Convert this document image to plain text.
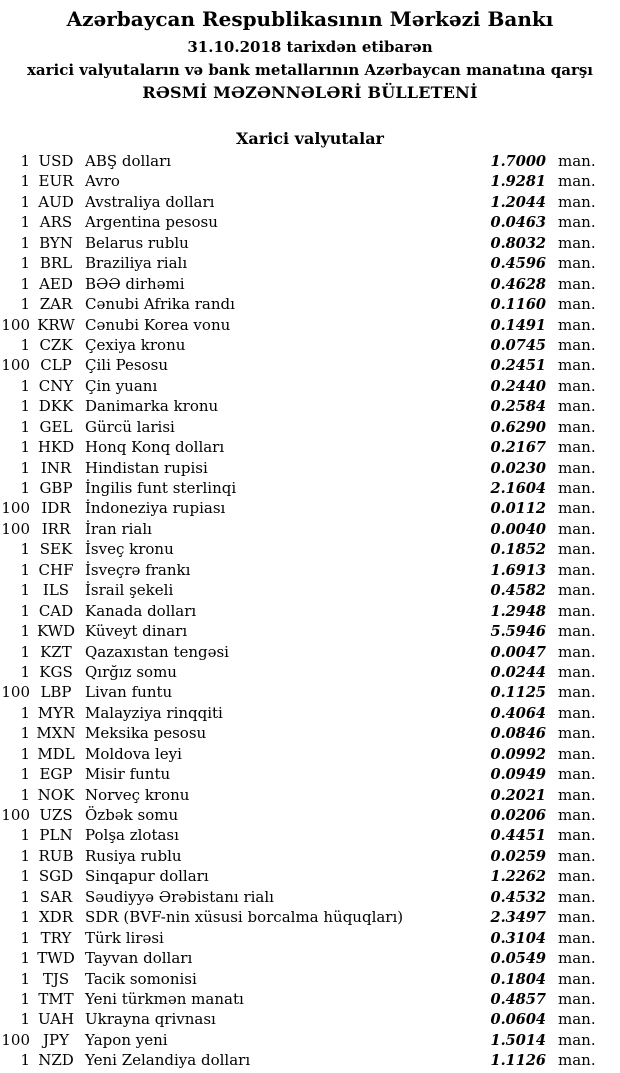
Azərbaycan Respublikasının Mərkəzi Bankı
31.10.2018 tarixdən etibarən
xarici valyutaların və bank metallarının Azərbaycan manatına qarşı
RƏSMİ MƏZƏNNƏLƏRİ BÜLLETENİ
Xarici valyutalar
1 USD ABŞ dolları	1.7000 man.
1 EUR Avro	1.9281 man.
1 AUD Avstraliya dolları	1.2044 man.
1 ARS Argentina pesosu	0.0463 man.
1 BYN Belarus rublu	0.8032 man.
1 BRL Braziliya rialı	0.4596 man.
1 AED BƏƏ dirhəmi	0.4628 man.
1 ZAR Cənubi Afrika randı	0.1160 man.
100 KRW Cənubi Korea vonu	0.1491 man.
1 CZK Çexiya kronu	0.0745 man.
100 CLP Çili Pesosu	0.2451 man.
1 CNY Çin yuanı	0.2440 man.
1 DKK Danimarka kronu	0.2584 man.
1 GEL Gürcü larisi	0.6290 man.
1 HKD Honq Konq dolları	0.2167 man.
1 INR Hindistan rupisi	0.0230 man.
1 GBP İngilis funt sterlinqi	2.1604 man.
100 IDR İndoneziya rupiası	0.0112 man.
100 IRR İran rialı	0.0040 man.
1 SEK İsveç kronu	0.1852 man.
1 CHF İsveçrə frankı	1.6913 man.
1 ILS	İsrail şekeli	0.4582 man.
1 CAD Kanada dolları	1.2948 man.
1 KWD Küveyt dinarı	5.5946 man.
1 KZT Qazaxıstan tengəsi	0.0047 man.
1 KGS Qırğız somu	0.0244 man.
100 LBP Livan funtu	0.1125 man.
1 MYR Malayziya rinqqiti	0.4064 man.
1 MXN Meksika pesosu	0.0846 man.
1 MDL Moldova leyi	0.0992 man.
1 EGP Misir funtu	0.0949 man.
1 NOK Norveç kronu	0.2021 man.
100 UZS Özbək somu	0.0206 man.
1 PLN Polşa zlotası	0.4451 man.
1 RUB Rusiya rublu	0.0259 man.
1 SGD Sinqapur dolları	1.2262 man.
1 SAR Səudiyyə Ərəbistanı rialı	0.4532 man.
1 XDR SDR (BVF-nin xüsusi borcalma hüquqları)	2.3497 man.
1 TRY Türk lirəsi	0.3104 man.
1 TWD Tayvan dolları	0.0549 man.
1 TJS	Tacik somonisi	0.1804 man.
1 TMT Yeni türkmən manatı	0.4857 man.
1 UAH Ukrayna qrivnası	0.0604 man.
100 JPY	Yapon yeni	1.5014 man.
1 NZD Yeni Zelandiya dolları	1.1126 man.
